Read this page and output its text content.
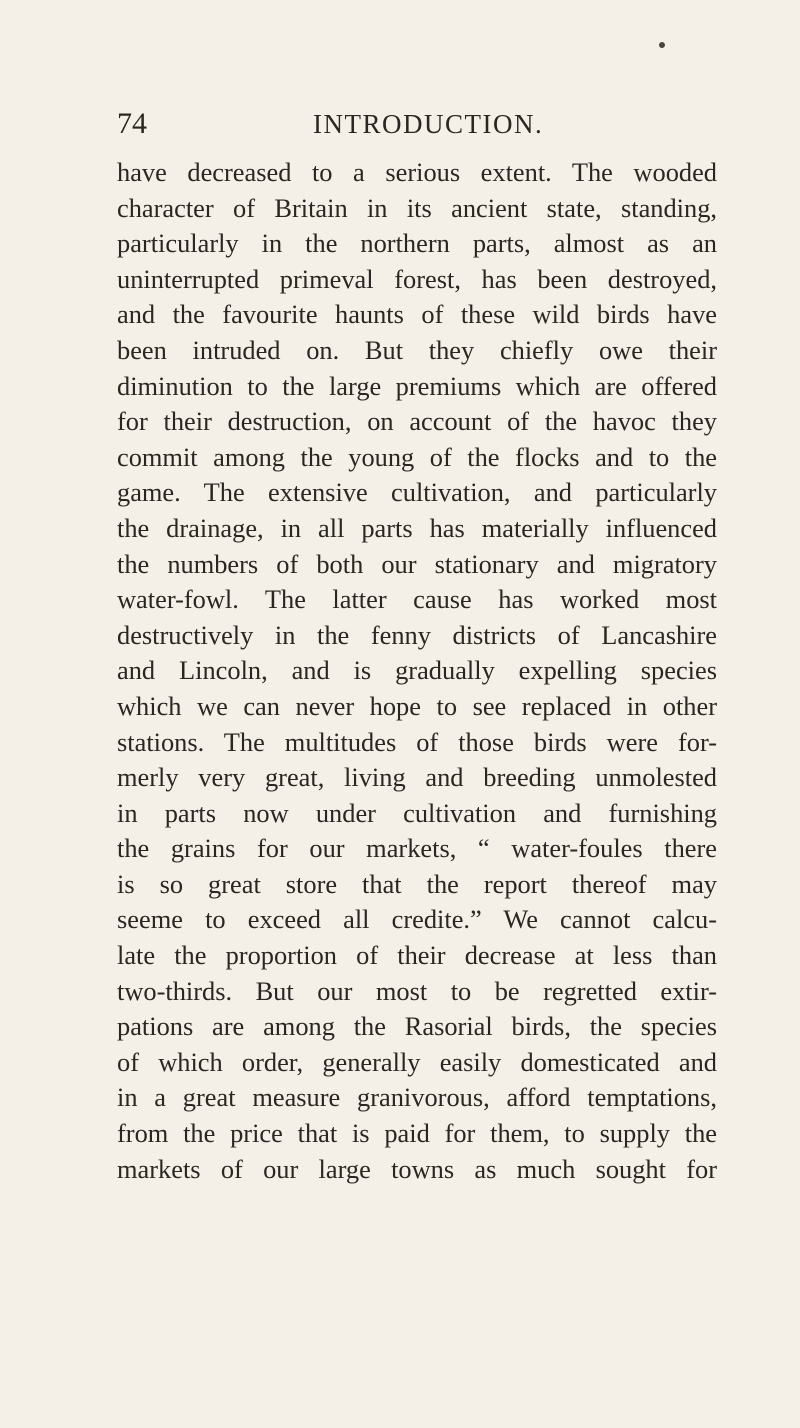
74	INTRODUCTION.
have decreased to a serious extent. The wooded
character of Britain in its ancient state, standing,
particularly in the northern parts, almost as an
uninterrupted primeval forest, has been destroyed,
and the favourite haunts of these wild birds have
been intruded on. But they chiefly owe their
diminution to the large premiums which are offered
for their destruction, on account of the havoc they
commit among the young of the flocks and to the
game. The extensive cultivation, and particularly
the drainage, in all parts has materially influenced
the numbers of both our stationary and migratory
water-fowl. The latter cause has worked most
destructively in the fenny districts of Lancashire
and Lincoln, and is gradually expelling species
which we can never hope to see replaced in other
stations. The multitudes of those birds were for-
merly very great, living and breeding unmolested
in parts now under cultivation and furnishing
the grains for our markets, “ water-foules there
is so great store that the report thereof may
seeme to exceed all credite.” We cannot calcu-
late the proportion of their decrease at less than
two-thirds. But our most to be regretted extir-
pations are among the Rasorial birds, the species
of which order, generally easily domesticated and
in a great measure granivorous, afford temptations,
from the price that is paid for them, to supply the
markets of our large towns as much sought for
